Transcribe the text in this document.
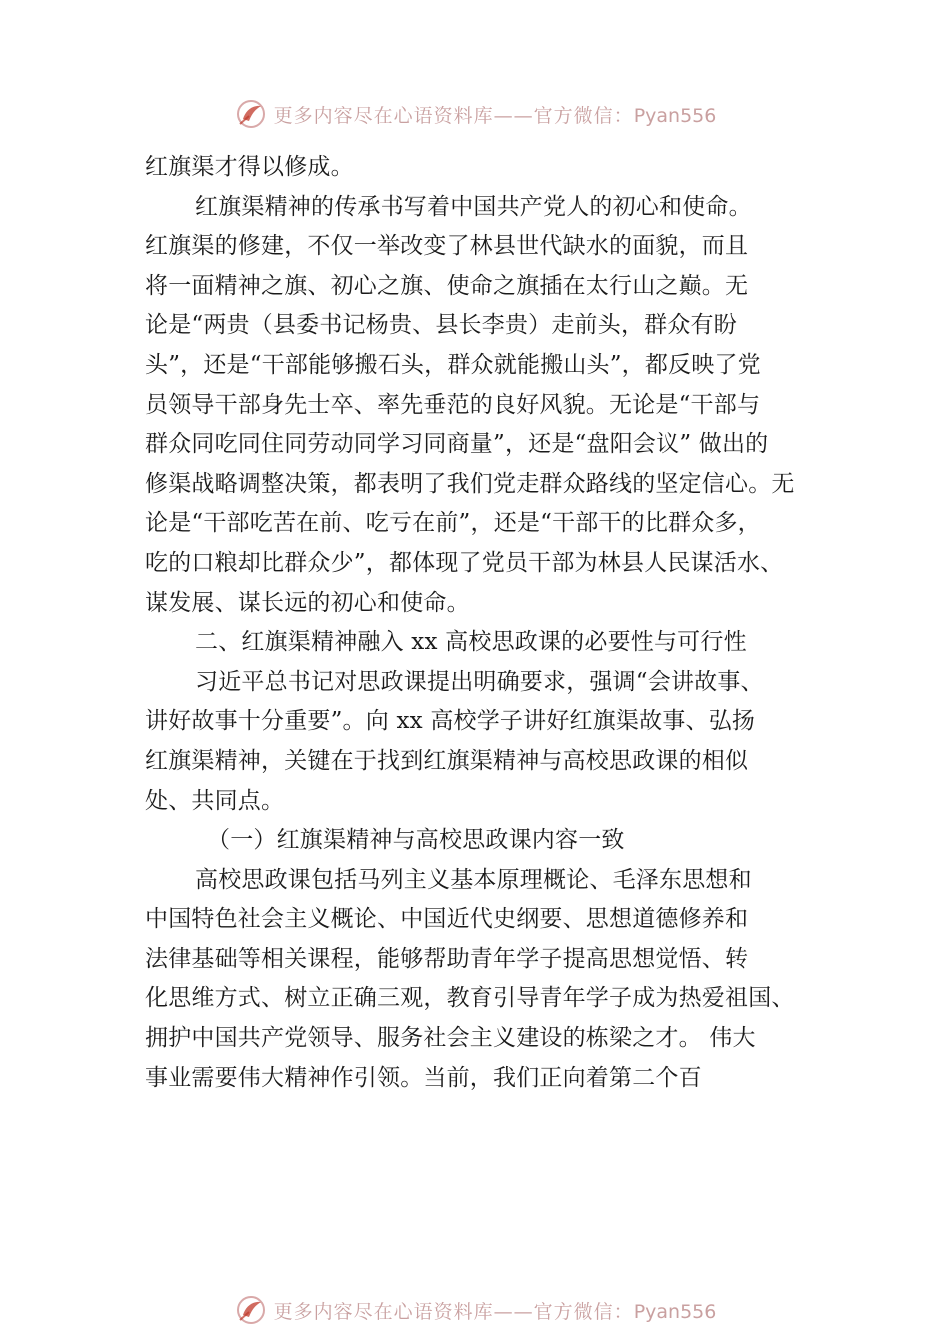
更多内容尽在心语资料库——官方微信：Pyan556
红旗渠才得以修成。
红旗渠精神的传承书写着中国共产党人的初心和使命。
红旗渠的修建，不仅一举改变了林县世代缺水的面貌，而且
将一面精神之旗、初心之旗、使命之旗插在太行山之巅。无
论是“两贵（县委书记杨贵、县长李贵）走前头，群众有盼
头”，还是“干部能够搬石头，群众就能搬山头”，都反映了党
员领导干部身先士卒、率先垂范的良好风貌。无论是“干部与
群众同吃同住同劳动同学习同商量”，还是“盘阳会议” 做出的
修渠战略调整决策，都表明了我们党走群众路线的坚定信心。无
论是“干部吃苦在前、吃亏在前”，还是“干部干的比群众多，
吃的口粮却比群众少”，都体现了党员干部为林县人民谋活水、
谋发展、谋长远的初心和使命。
二、红旗渠精神融入 xx 高校思政课的必要性与可行性
习近平总书记对思政课提出明确要求，强调“会讲故事、
讲好故事十分重要”。向 xx 高校学子讲好红旗渠故事、弘扬
红旗渠精神，关键在于找到红旗渠精神与高校思政课的相似
处、共同点。
（一）红旗渠精神与高校思政课内容一致
高校思政课包括马列主义基本原理概论、毛泽东思想和
中国特色社会主义概论、中国近代史纲要、思想道德修养和
法律基础等相关课程，能够帮助青年学子提高思想觉悟、转
化思维方式、树立正确三观，教育引导青年学子成为热爱祖国、
拥护中国共产党领导、服务社会主义建设的栋梁之才。 伟大
事业需要伟大精神作引领。当前，我们正向着第二个百
更多内容尽在心语资料库——官方微信：Pyan556
